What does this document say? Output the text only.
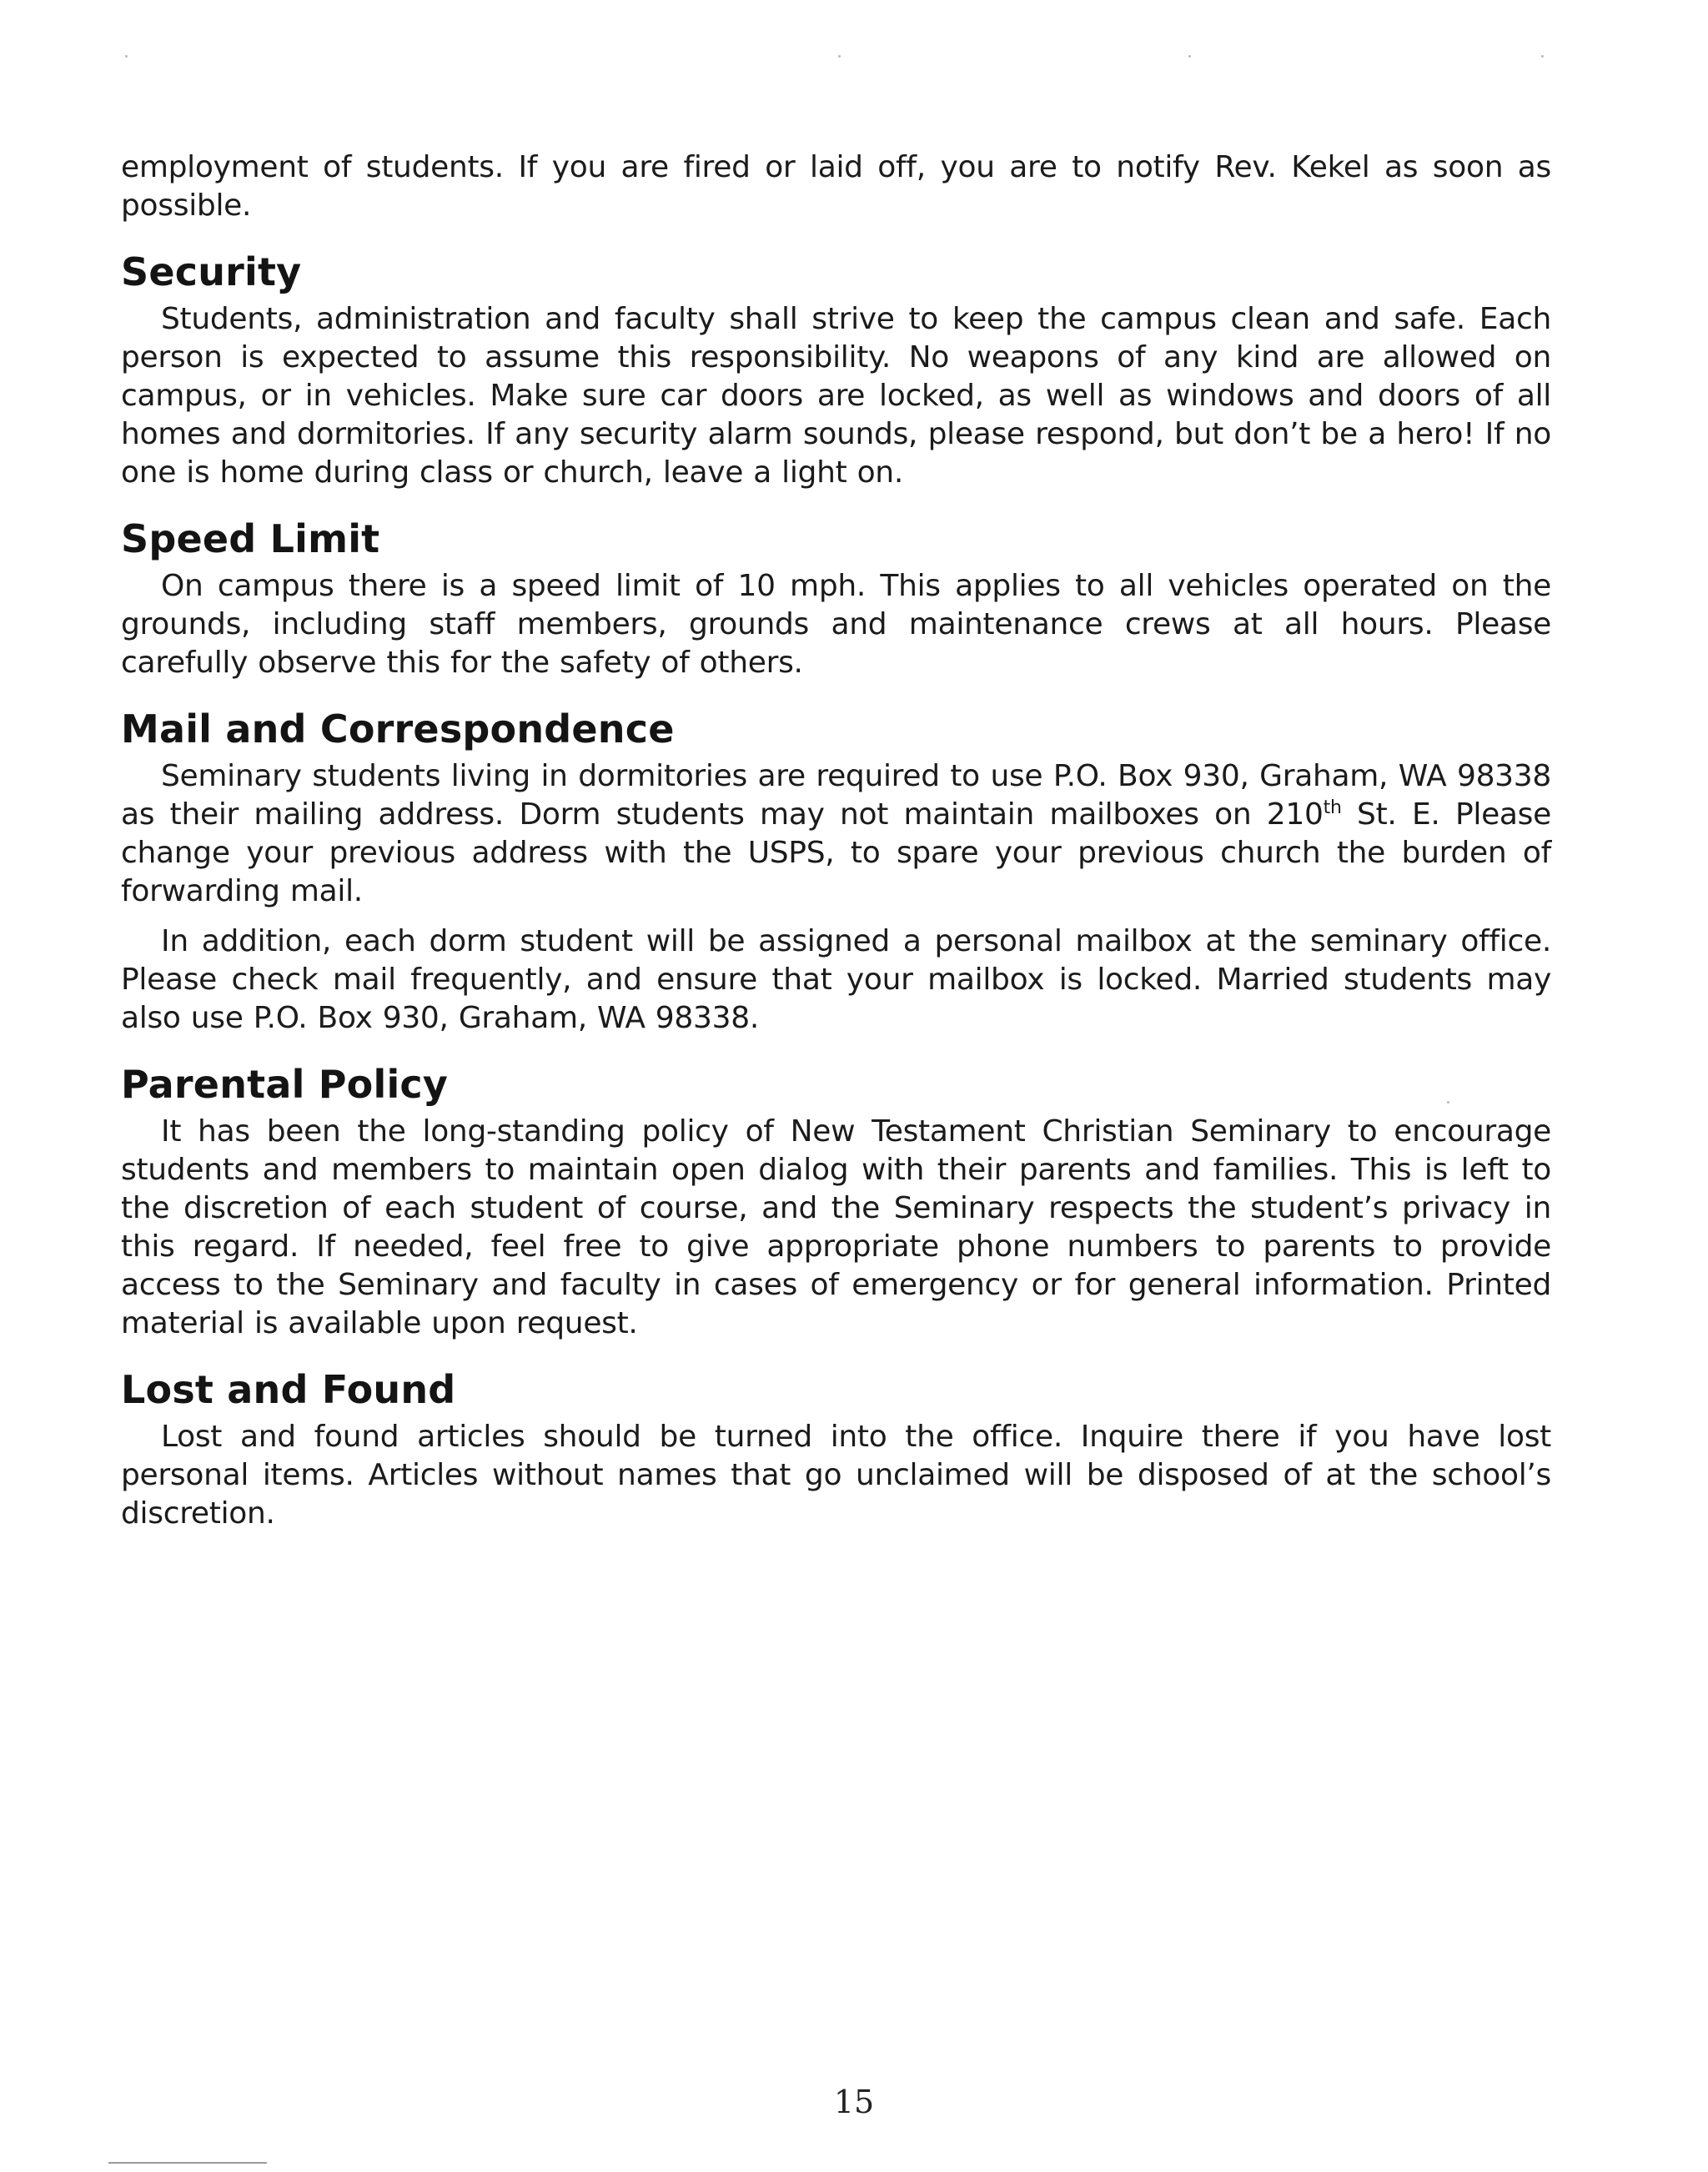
employment of students. If you are fired or laid off, you are to notify Rev. Kekel as soon as possible.

Security

Students, administration and faculty shall strive to keep the campus clean and safe. Each person is expected to assume this responsibility. No weapons of any kind are allowed on campus, or in vehicles. Make sure car doors are locked, as well as windows and doors of all homes and dormitories. If any security alarm sounds, please respond, but don’t be a hero! If no one is home during class or church, leave a light on.

Speed Limit

On campus there is a speed limit of 10 mph. This applies to all vehicles operated on the grounds, including staff members, grounds and maintenance crews at all hours. Please carefully observe this for the safety of others.

Mail and Correspondence

Seminary students living in dormitories are required to use P.O. Box 930, Graham, WA 98338 as their mailing address. Dorm students may not maintain mailboxes on 210th St. E. Please change your previous address with the USPS, to spare your previous church the burden of forwarding mail.

In addition, each dorm student will be assigned a personal mailbox at the seminary office. Please check mail frequently, and ensure that your mailbox is locked. Married students may also use P.O. Box 930, Graham, WA 98338.

Parental Policy

It has been the long-standing policy of New Testament Christian Seminary to encourage students and members to maintain open dialog with their parents and families. This is left to the discretion of each student of course, and the Seminary respects the student’s privacy in this regard. If needed, feel free to give appropriate phone numbers to parents to provide access to the Seminary and faculty in cases of emergency or for general information. Printed material is available upon request.

Lost and Found

Lost and found articles should be turned into the office. Inquire there if you have lost personal items. Articles without names that go unclaimed will be disposed of at the school’s discretion.

15
